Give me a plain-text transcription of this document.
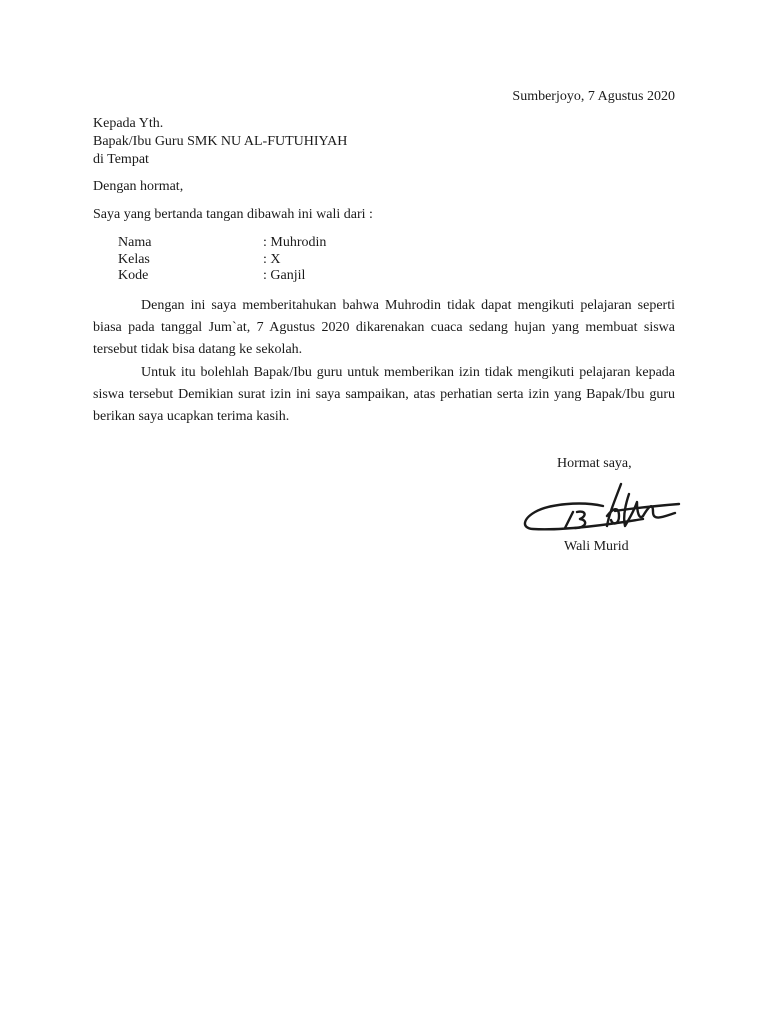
Sumberjoyo, 7 Agustus 2020
Kepada Yth.
Bapak/Ibu Guru SMK NU AL-FUTUHIYAH
di Tempat
Dengan hormat,
Saya yang bertanda tangan dibawah ini wali dari :
Nama	: Muhrodin
Kelas	: X
Kode	: Ganjil

Dengan ini saya memberitahukan bahwa Muhrodin tidak dapat mengikuti pelajaran seperti biasa pada tanggal Jum`at, 7 Agustus 2020 dikarenakan cuaca sedang hujan yang membuat siswa tersebut tidak bisa datang ke sekolah.

Untuk itu bolehlah Bapak/Ibu guru untuk memberikan izin tidak mengikuti pelajaran kepada siswa tersebut Demikian surat izin ini saya sampaikan, atas perhatian serta izin yang Bapak/Ibu guru berikan saya ucapkan terima kasih.

Hormat saya,
Wali Murid
